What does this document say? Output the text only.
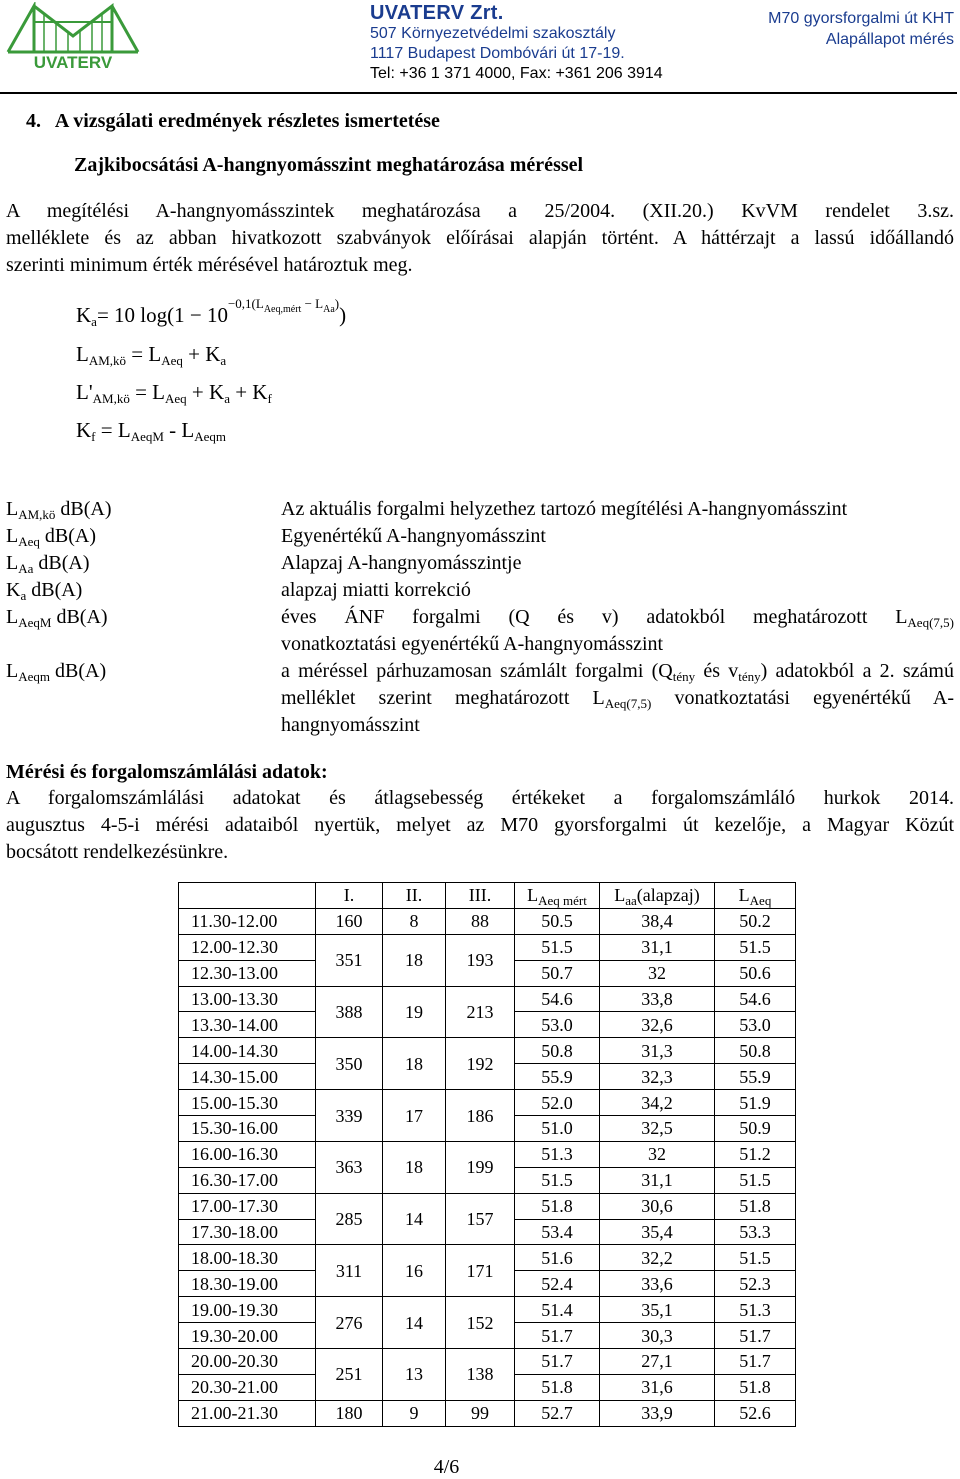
UVATERV
UVATERV Zrt.
507 Környezetvédelmi szakosztály
1117 Budapest Dombóvári út 17-19.
Tel: +36 1 371 4000, Fax: +361 206 3914
M70 gyorsforgalmi út KHT
Alapállapot mérés
4.   A vizsgálati eredmények részletes ismertetése
Zajkibocsátási A-hangnyomásszint meghatározása méréssel
A megítélési A-hangnyomásszintek meghatározása a 25/2004. (XII.20.) KvVM rendelet 3.sz.
melléklete és az abban hivatkozott szabványok előírásai alapján történt. A háttérzajt a lassú időállandó
szerinti minimum érték mérésével határoztuk meg.
$K_a= 10$ $\log(1 - 10^{-0,1(L_{Aeq,mért} - L_{Aa})})$
$L_{AM,kö} = L_{Aeq} + K_a$
$L'_{AM,kö} = L_{Aeq} + K_a + K_f$
$K_f = L_{AeqM} - L_{Aeqm}$
$L_{AM,kö}$ dB(A)	Az aktuális forgalmi helyzethez tartozó megítélési A-hangnyomásszint
$L_{Aeq}$ dB(A)	Egyenértékű A-hangnyomásszint
$L_{Aa}$ dB(A)	Alapzaj A-hangnyomásszintje
$K_a$ dB(A)	alapzaj miatti korrekció
$L_{AeqM}$ dB(A)	éves ÁNF forgalmi (Q és v) adatokból meghatározott $L_{Aeq(7,5)}$
vonatkoztatási egyenértékű A-hangnyomásszint
$L_{Aeqm}$ dB(A)	a méréssel párhuzamosan számlált forgalmi ($Q_{tény}$ és $v_{tény}$) adatokból a 2. számú melléklet szerint meghatározott $L_{Aeq(7,5)}$ vonatkoztatási egyenértékű A-hangnyomásszint
Mérési és forgalomszámlálási adatok:
A forgalomszámlálási adatokat és átlagsebesség értékeket a forgalomszámláló hurkok 2014.
augusztus 4-5-i mérési adataiból nyertük, melyet az M70 gyorsforgalmi út kezelője, a Magyar Közút
bocsátott rendelkezésünkre.
	I.	II.	III.	$L_{Aeq mért}$	$L_{aa}(alapzaj)$	$L_{Aeq}$
11.30-12.00	160	8	88	50.5	38,4	50.2
12.00-12.30	351	18	193	51.5	31,1	51.5
12.30-13.00				50.7	32	50.6
13.00-13.30	388	19	213	54.6	33,8	54.6
13.30-14.00				53.0	32,6	53.0
14.00-14.30	350	18	192	50.8	31,3	50.8
14.30-15.00				55.9	32,3	55.9
15.00-15.30	339	17	186	52.0	34,2	51.9
15.30-16.00				51.0	32,5	50.9
16.00-16.30	363	18	199	51.3	32	51.2
16.30-17.00				51.5	31,1	51.5
17.00-17.30	285	14	157	51.8	30,6	51.8
17.30-18.00				53.4	35,4	53.3
18.00-18.30	311	16	171	51.6	32,2	51.5
18.30-19.00				52.4	33,6	52.3
19.00-19.30	276	14	152	51.4	35,1	51.3
19.30-20.00				51.7	30,3	51.7
20.00-20.30	251	13	138	51.7	27,1	51.7
20.30-21.00				51.8	31,6	51.8
21.00-21.30	180	9	99	52.7	33,9	52.6
4/6
